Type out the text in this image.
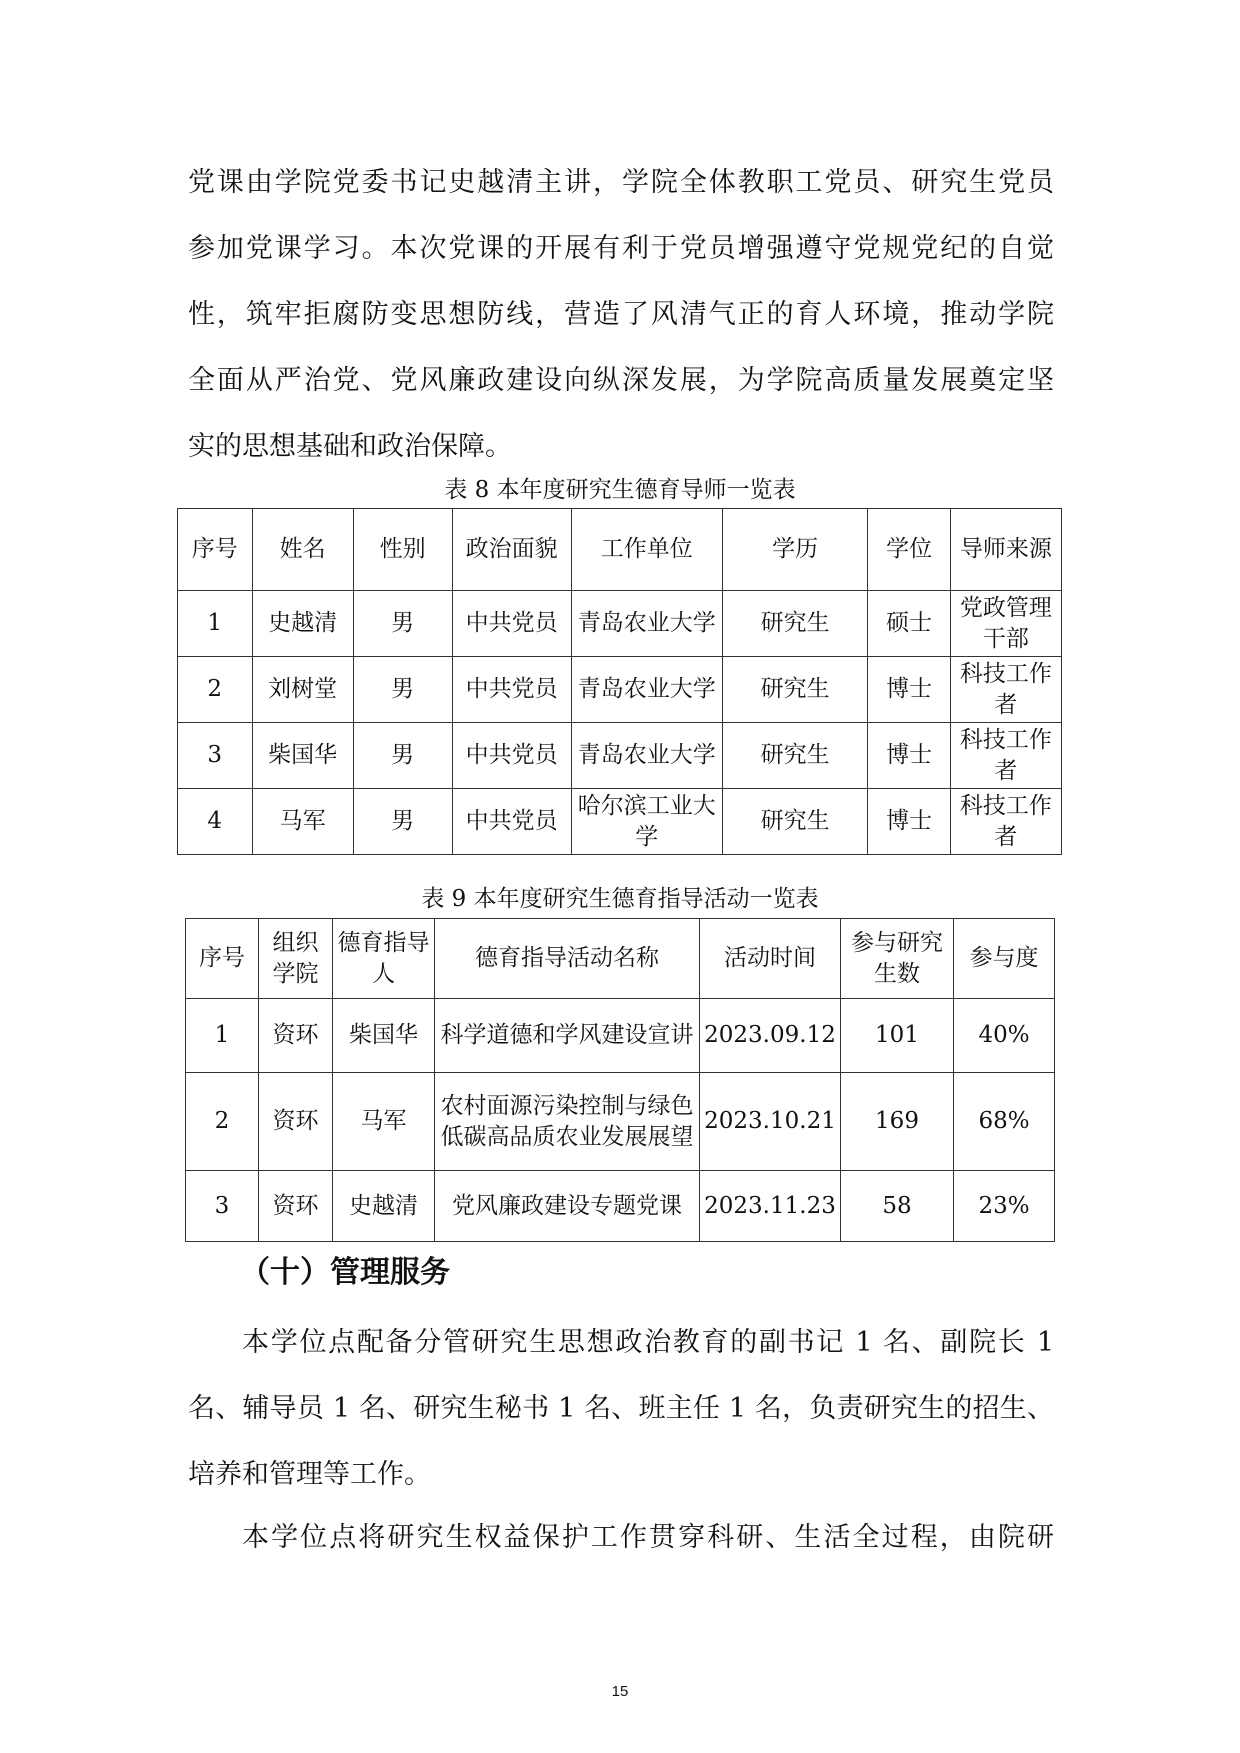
党课由学院党委书记史越清主讲，学院全体教职工党员、研究生党员
参加党课学习。本次党课的开展有利于党员增强遵守党规党纪的自觉
性，筑牢拒腐防变思想防线，营造了风清气正的育人环境，推动学院
全面从严治党、党风廉政建设向纵深发展，为学院高质量发展奠定坚
实的思想基础和政治保障。
表 8 本年度研究生德育导师一览表
序号	姓名	性别	政治面貌	工作单位	学历	学位	导师来源
1	史越清	男	中共党员	青岛农业大学	研究生	硕士	党政管理干部
2	刘树堂	男	中共党员	青岛农业大学	研究生	博士	科技工作者
3	柴国华	男	中共党员	青岛农业大学	研究生	博士	科技工作者
4	马军	男	中共党员	哈尔滨工业大学	研究生	博士	科技工作者
表 9 本年度研究生德育指导活动一览表
序号	组织学院	德育指导人	德育指导活动名称	活动时间	参与研究生数	参与度
1	资环	柴国华	科学道德和学风建设宣讲	2023.09.12	101	40%
2	资环	马军	农村面源污染控制与绿色低碳高品质农业发展展望	2023.10.21	169	68%
3	资环	史越清	党风廉政建设专题党课	2023.11.23	58	23%
（十）管理服务
本学位点配备分管研究生思想政治教育的副书记 1 名、副院长 1
名、辅导员 1 名、研究生秘书 1 名、班主任 1 名，负责研究生的招生、
培养和管理等工作。
本学位点将研究生权益保护工作贯穿科研、生活全过程，由院研
15
